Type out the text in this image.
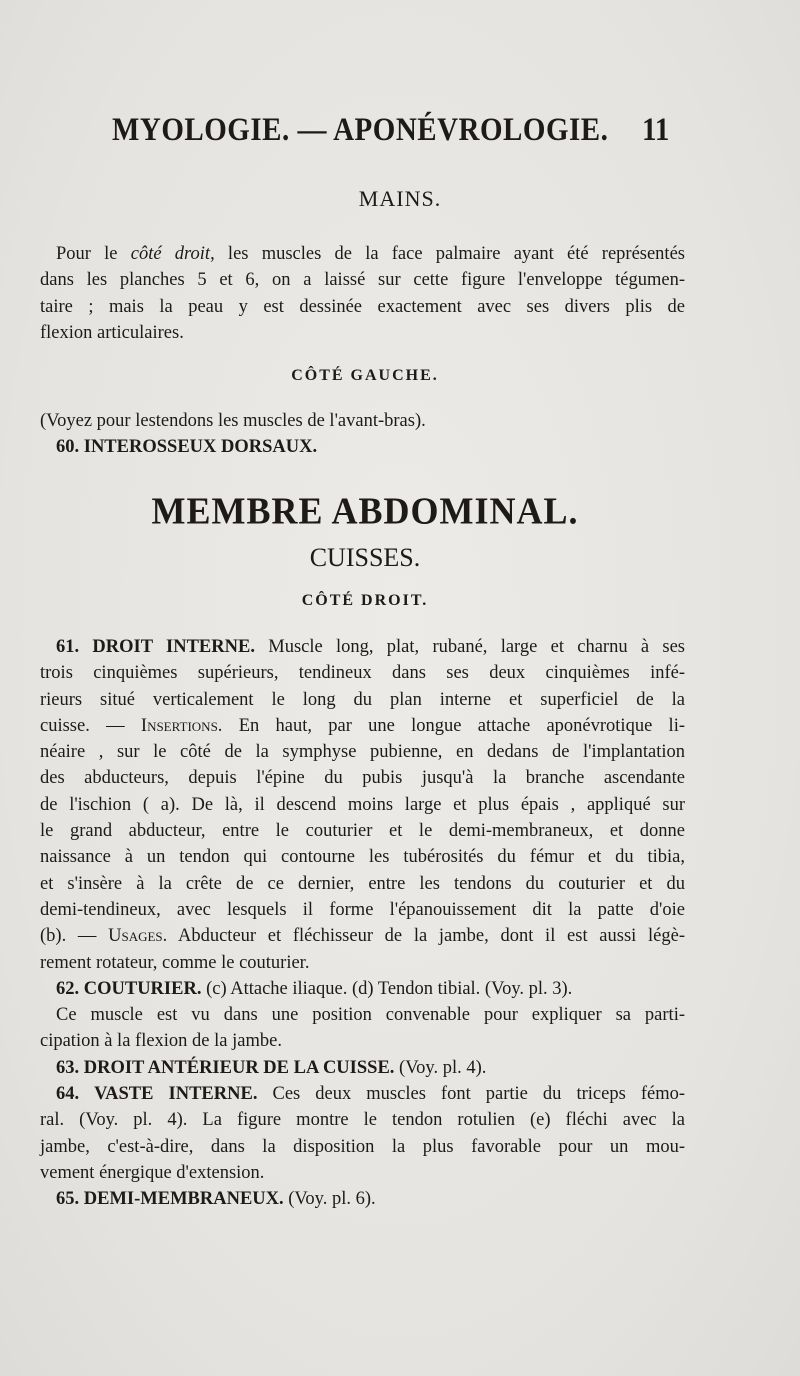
MYOLOGIE. — APONÉVROLOGIE. 11
MAINS.
Pour le côté droit, les muscles de la face palmaire ayant été représentés
dans les planches 5 et 6, on a laissé sur cette figure l'enveloppe tégumen-
taire ; mais la peau y est dessinée exactement avec ses divers plis de
flexion articulaires.
CÔTÉ GAUCHE.
(Voyez pour lestendons les muscles de l'avant-bras).
60. INTEROSSEUX DORSAUX.
MEMBRE ABDOMINAL.
CUISSES.
CÔTÉ DROIT.
61. DROIT INTERNE. Muscle long, plat, rubané, large et charnu à ses
trois cinquièmes supérieurs, tendineux dans ses deux cinquièmes infé-
rieurs situé verticalement le long du plan interne et superficiel de la
cuisse. — Insertions. En haut, par une longue attache aponévrotique li-
néaire , sur le côté de la symphyse pubienne, en dedans de l'implantation
des abducteurs, depuis l'épine du pubis jusqu'à la branche ascendante
de l'ischion ( a). De là, il descend moins large et plus épais , appliqué sur
le grand abducteur, entre le couturier et le demi-membraneux, et donne
naissance à un tendon qui contourne les tubérosités du fémur et du tibia,
et s'insère à la crête de ce dernier, entre les tendons du couturier et du
demi-tendineux, avec lesquels il forme l'épanouissement dit la patte d'oie
(b). — Usages. Abducteur et fléchisseur de la jambe, dont il est aussi légè-
rement rotateur, comme le couturier.
62. COUTURIER. (c) Attache iliaque. (d) Tendon tibial. (Voy. pl. 3).
Ce muscle est vu dans une position convenable pour expliquer sa parti-
cipation à la flexion de la jambe.
63. DROIT ANTÉRIEUR DE LA CUISSE. (Voy. pl. 4).
64. VASTE INTERNE. Ces deux muscles font partie du triceps fémo-
ral. (Voy. pl. 4). La figure montre le tendon rotulien (e) fléchi avec la
jambe, c'est-à-dire, dans la disposition la plus favorable pour un mou-
vement énergique d'extension.
65. DEMI-MEMBRANEUX. (Voy. pl. 6).
